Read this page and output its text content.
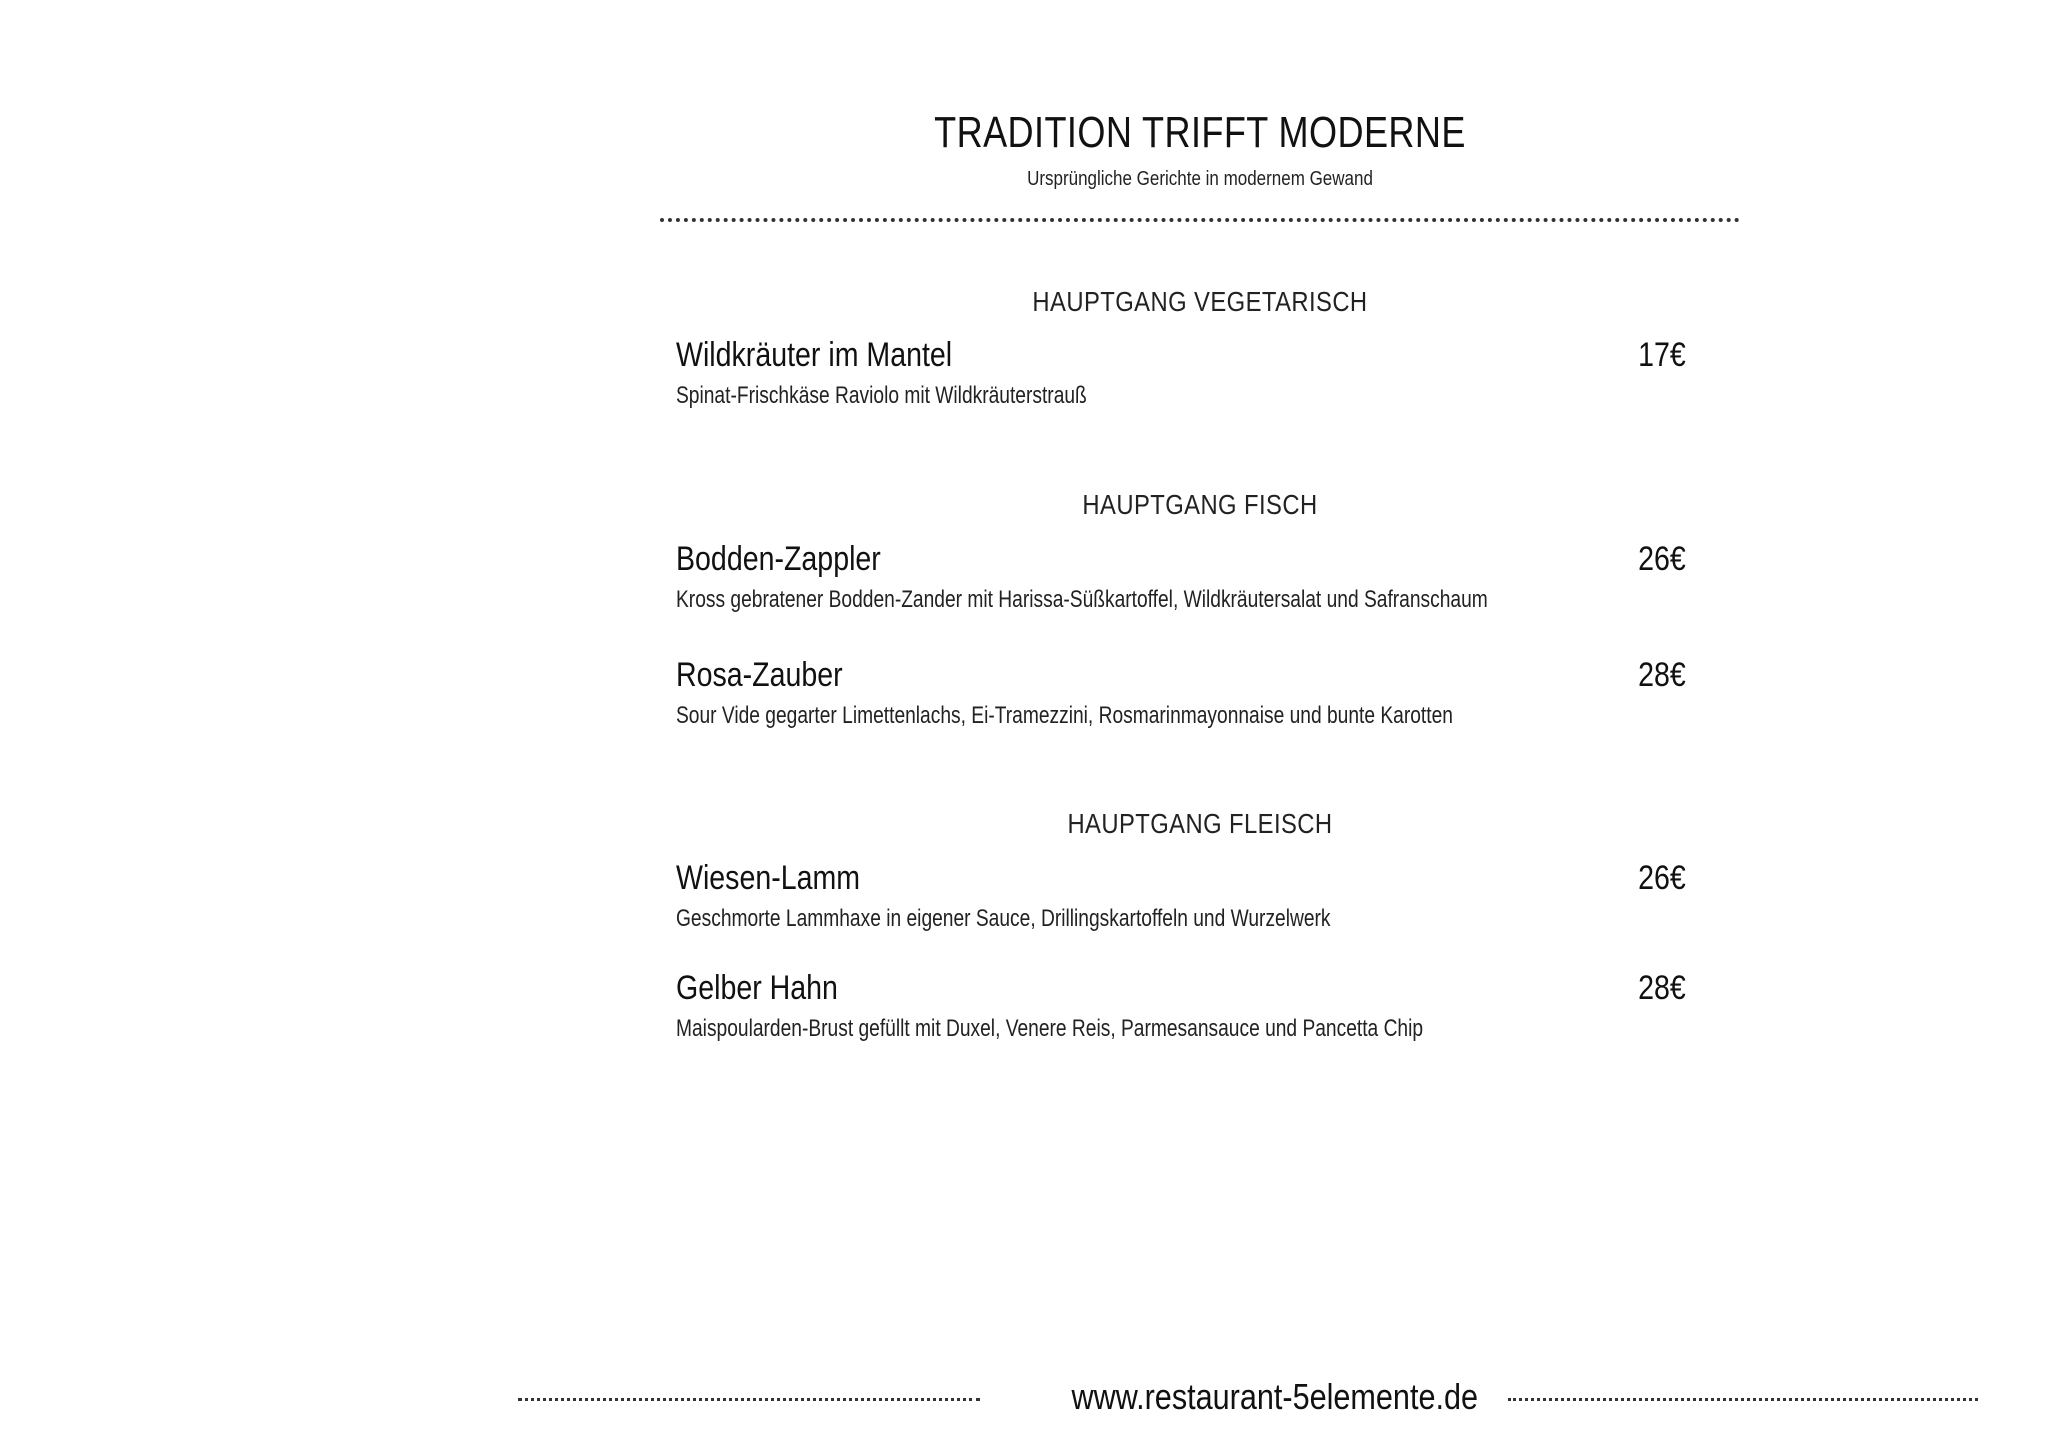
TRADITION TRIFFT MODERNE
Ursprüngliche Gerichte in modernem Gewand
HAUPTGANG VEGETARISCH
Wildkräuter im Mantel	17€
Spinat-Frischkäse Raviolo mit Wildkräuterstrauß
HAUPTGANG FISCH
Bodden-Zappler	26€
Kross gebratener Bodden-Zander mit Harissa-Süßkartoffel, Wildkräutersalat und Safranschaum
Rosa-Zauber	28€
Sour Vide gegarter Limettenlachs, Ei-Tramezzini, Rosmarinmayonnaise und bunte Karotten
HAUPTGANG FLEISCH
Wiesen-Lamm	26€
Geschmorte Lammhaxe in eigener Sauce, Drillingskartoffeln und Wurzelwerk
Gelber Hahn	28€
Maispoularden-Brust gefüllt mit Duxel, Venere Reis, Parmesansauce und Pancetta Chip
www.restaurant-5elemente.de
